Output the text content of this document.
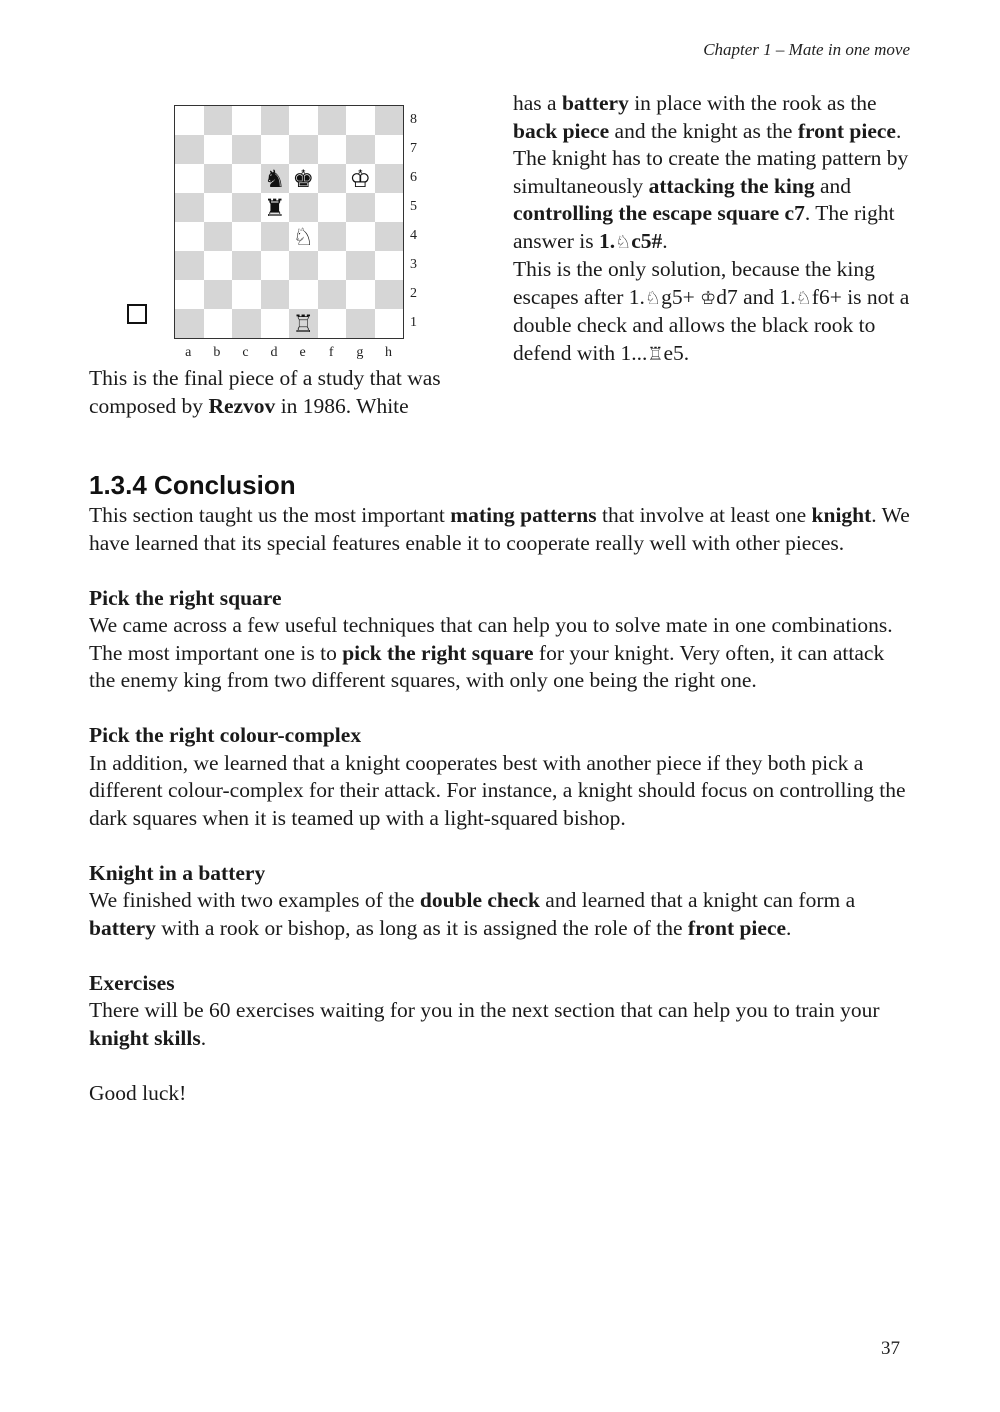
Chapter 1 – Mate in one move
♞ ♚ ♔
♜
♘
♖
8
7
6
5
4
3
2
1
a	b	c	d	e	f	g	h
This is the final piece of a study that was composed by Rezvov in 1986. White
has a battery in place with the rook as the back piece and the knight as the front piece. The knight has to create the mating pattern by simultaneously attacking the king and controlling the escape square c7. The right answer is 1.♘c5#.
This is the only solution, because the king escapes after 1.♘g5+ ♔d7 and 1.♘f6+ is not a double check and allows the black rook to defend with 1...♖e5.
1.3.4 Conclusion

This section taught us the most important mating patterns that involve at least one knight. We have learned that its special features enable it to cooperate really well with other pieces.

Pick the right square
We came across a few useful techniques that can help you to solve mate in one combinations. The most important one is to pick the right square for your knight. Very often, it can attack the enemy king from two different squares, with only one being the right one.

Pick the right colour-complex
In addition, we learned that a knight cooperates best with another piece if they both pick a different colour-complex for their attack. For instance, a knight should focus on controlling the dark squares when it is teamed up with a light-squared bishop.

Knight in a battery
We finished with two examples of the double check and learned that a knight can form a battery with a rook or bishop, as long as it is assigned the role of the front piece.

Exercises
There will be 60 exercises waiting for you in the next section that can help you to train your knight skills.

Good luck!

37
